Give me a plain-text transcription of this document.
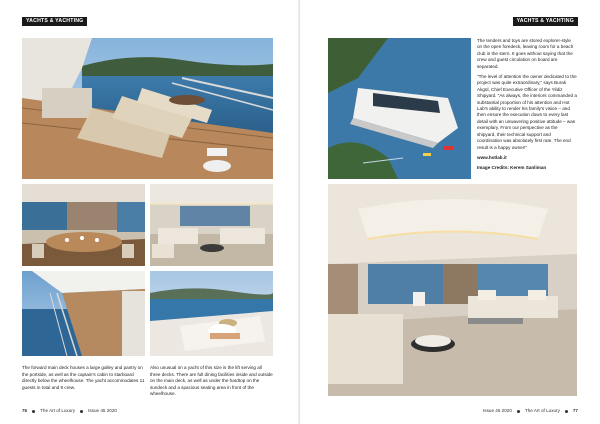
YACHTS & YACHTING
The forward main deck houses a large galley and pantry on the portside, as well as the captain's cabin to starboard directly below the wheelhouse. The yacht accommodates 11 guests in total and 9 crew.
Also unusual on a yacht of this size is the lift serving all three decks. There are full dining facilities inside and outside on the main deck, as well as under the hardtop on the sundeck and a spacious seating area in front of the wheelhouse.
76	The Art of Luxury	Issue 45 2020
YACHTS & YACHTING

The tenders and toys are stored explorer-style on the open foredeck, leaving room for a beach club in the stern. It goes without saying that the crew and guest circulation on board are separated.

"The level of attention the owner dedicated to the project was quite extraordinary," says Burak Akgül, Chief Executive Officer of the Yildiz Shipyard. "As always, the interiors commanded a substantial proportion of his attention and Hot Lab's ability to render his family's vision – and then ensure the execution down to every last detail with an unwavering positive attitude – was exemplary. From our perspective as the shipyard, their technical support and coordination was absolutely first rate. The end result is a happy owner!"

www.hotlab.it

Image Credits: Kerem Sanliman

Issue 45 2020	The Art of Luxury	77
